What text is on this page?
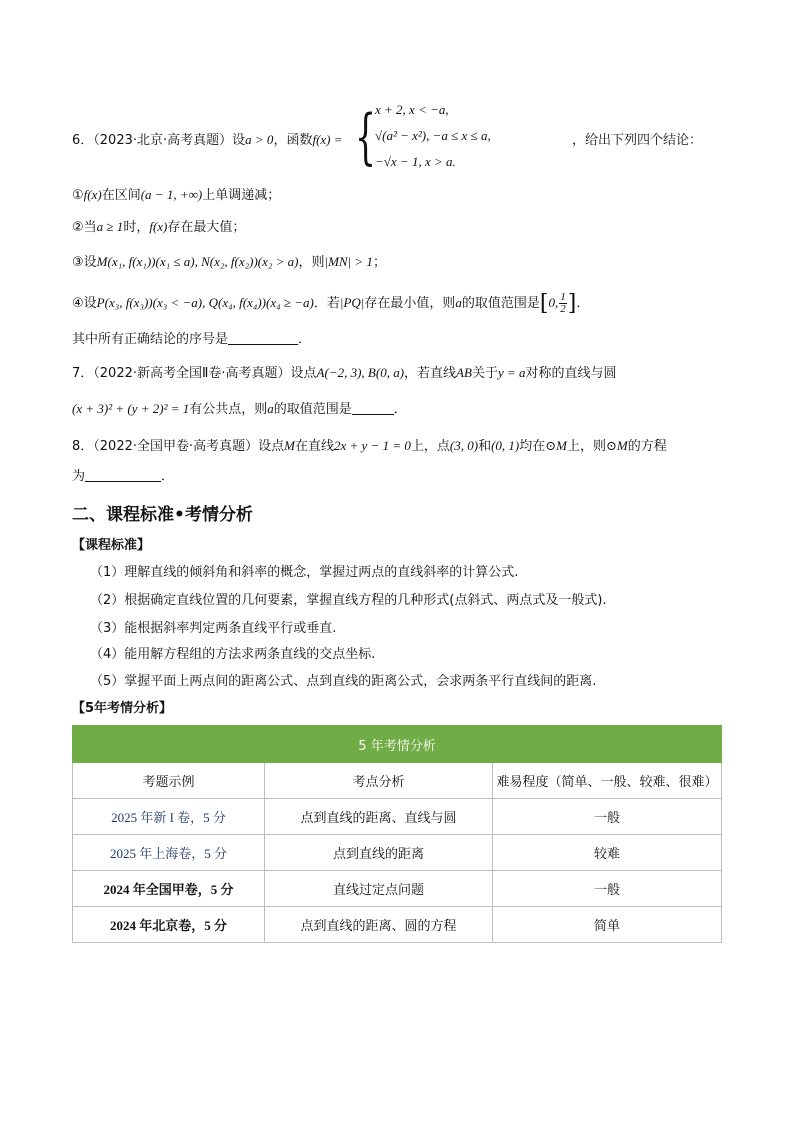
6．（2023·北京·高考真题）设a > 0，函数f(x) = {
x + 2, x < −a,
√(a² − x²), −a ≤ x ≤ a,
−√x − 1, x > a.
，给出下列四个结论：
①f(x)在区间(a − 1, +∞)上单调递减；
②当a ≥ 1时，f(x)存在最大值；
③设M(x₁, f(x₁))(x₁ ≤ a), N(x₂, f(x₂))(x₂ > a)，则|MN| > 1；
④设P(x₃, f(x₃))(x₃ < −a), Q(x₄, f(x₄))(x₄ ≥ −a)．若|PQ|存在最小值，则a的取值范围是[0, $\frac{1}{2}$ ]．
其中所有正确结论的序号是	．
7．（2022·新高考全国Ⅱ卷·高考真题）设点A(−2, 3), B(0, a)，若直线AB关于y = a对称的直线与圆
(x + 3)² + (y + 2)² = 1有公共点，则a的取值范围是	．
8．（2022·全国甲卷·高考真题）设点M在直线2x + y − 1 = 0上，点(3, 0)和(0, 1)均在⊙M上，则⊙M的方程
为	．
二、课程标准•考情分析
【课程标准】
（1）理解直线的倾斜角和斜率的概念，掌握过两点的直线斜率的计算公式.
（2）根据确定直线位置的几何要素，掌握直线方程的几种形式(点斜式、两点式及一般式).
（3）能根据斜率判定两条直线平行或垂直.
（4）能用解方程组的方法求两条直线的交点坐标.
（5）掌握平面上两点间的距离公式、点到直线的距离公式，会求两条平行直线间的距离.
【5年考情分析】
5 年考情分析		
考题示例	考点分析	难易程度（简单、一般、较难、很难）
2025 年新 I 卷，5 分	点到直线的距离、直线与圆	一般
2025 年上海卷，5 分	点到直线的距离	较难
2024 年全国甲卷，5 分	直线过定点问题	一般
2024 年北京卷，5 分	点到直线的距离、圆的方程	简单
